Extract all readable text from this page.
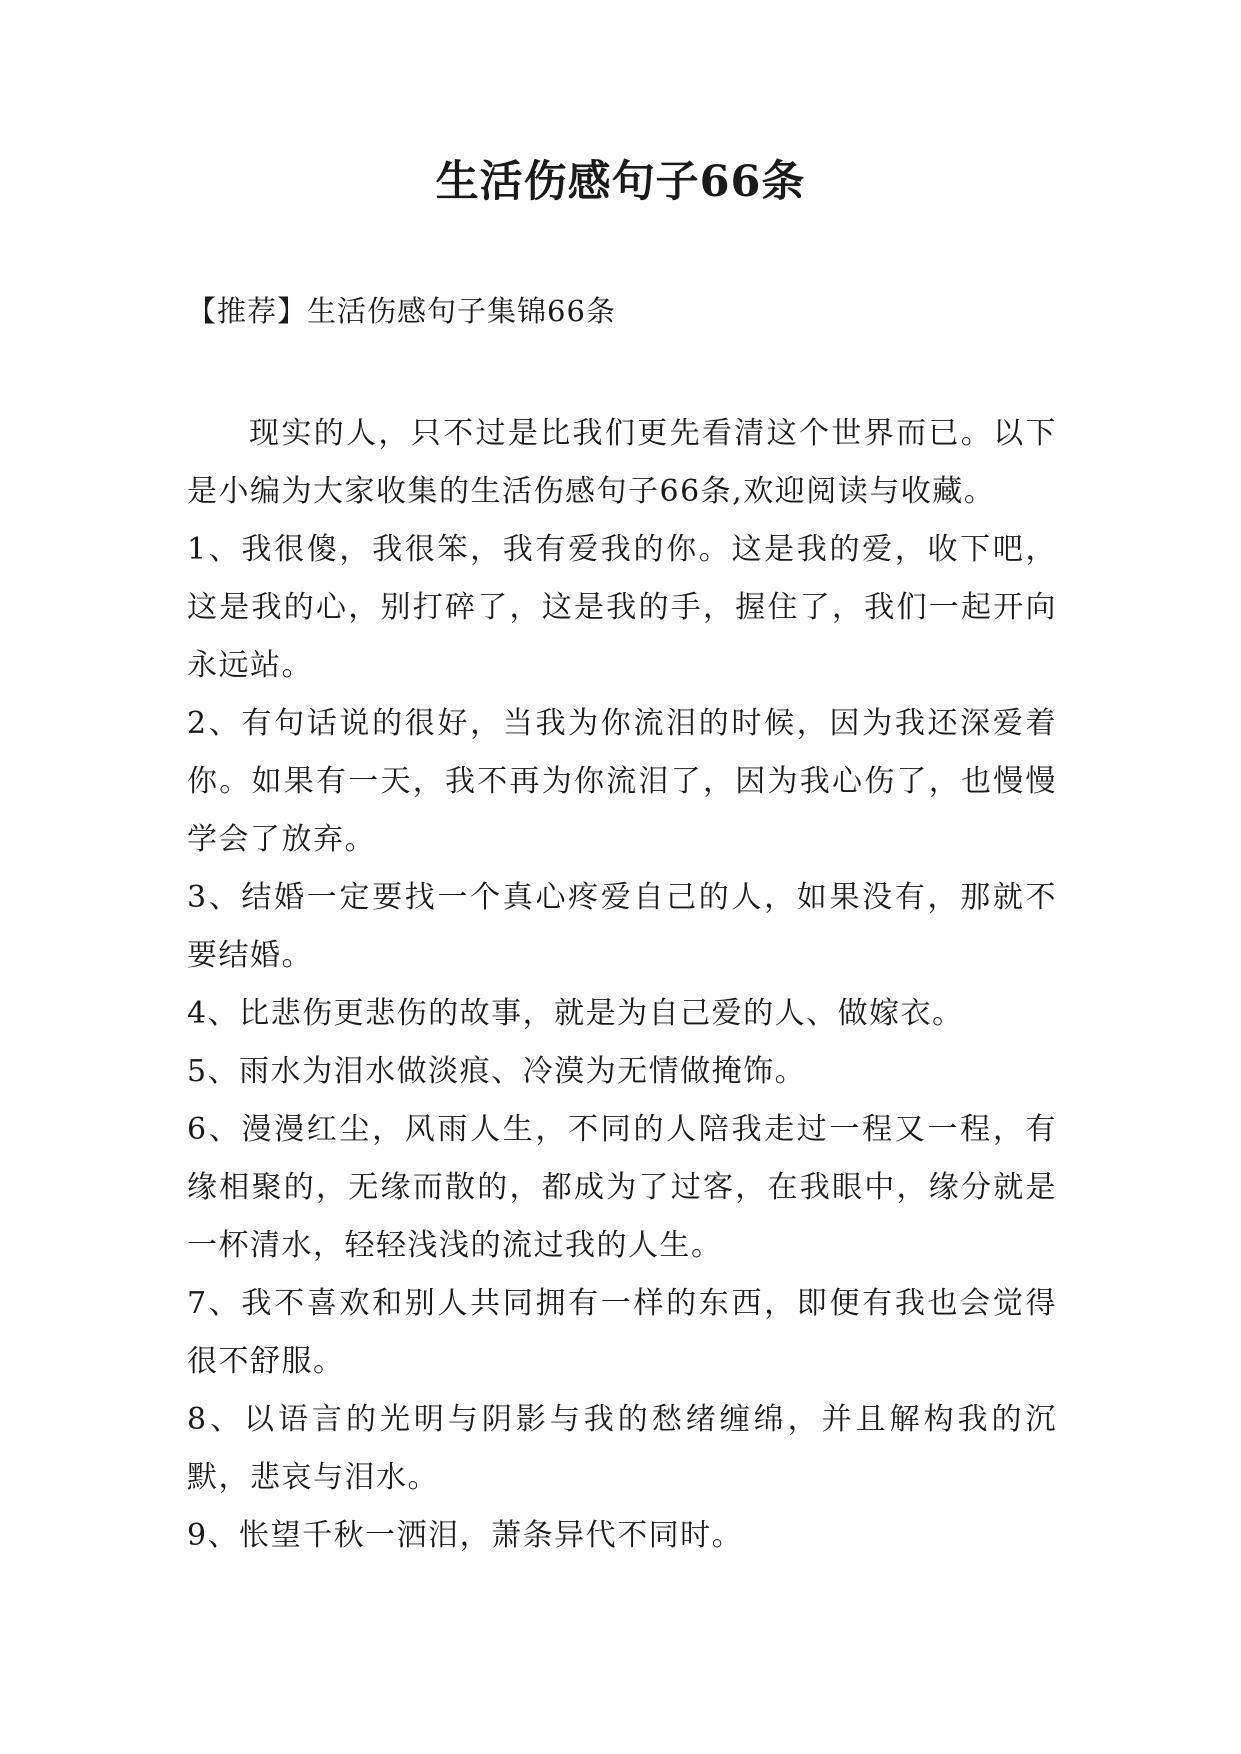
生活伤感句子66条

【推荐】生活伤感句子集锦66条

现实的人，只不过是比我们更先看清这个世界而已。以下是小编为大家收集的生活伤感句子66条,欢迎阅读与收藏。

1、我很傻，我很笨，我有爱我的你。这是我的爱，收下吧，这是我的心，别打碎了，这是我的手，握住了，我们一起开向永远站。

2、有句话说的很好，当我为你流泪的时候，因为我还深爱着你。如果有一天，我不再为你流泪了，因为我心伤了，也慢慢学会了放弃。

3、结婚一定要找一个真心疼爱自己的人，如果没有，那就不要结婚。

4、比悲伤更悲伤的故事，就是为自己爱的人、做嫁衣。

5、雨水为泪水做淡痕、冷漠为无情做掩饰。

6、漫漫红尘，风雨人生，不同的人陪我走过一程又一程，有缘相聚的，无缘而散的，都成为了过客，在我眼中，缘分就是一杯清水，轻轻浅浅的流过我的人生。

7、我不喜欢和别人共同拥有一样的东西，即便有我也会觉得很不舒服。

8、以语言的光明与阴影与我的愁绪缠绵，并且解构我的沉默，悲哀与泪水。

9、怅望千秋一洒泪，萧条异代不同时。
